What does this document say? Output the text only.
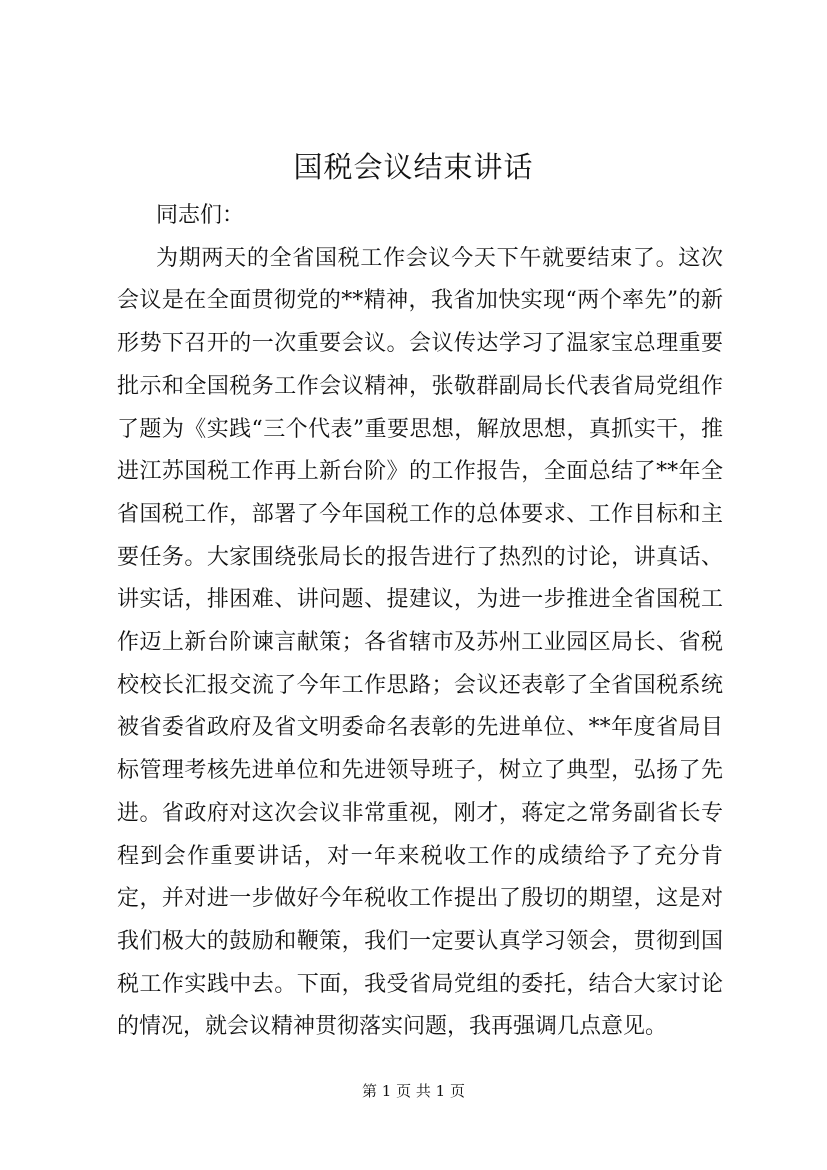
国税会议结束讲话

同志们：

为期两天的全省国税工作会议今天下午就要结束了。这次会议是在全面贯彻党的**精神，我省加快实现“两个率先”的新形势下召开的一次重要会议。会议传达学习了温家宝总理重要批示和全国税务工作会议精神，张敬群副局长代表省局党组作了题为《实践“三个代表”重要思想，解放思想，真抓实干，推进江苏国税工作再上新台阶》的工作报告，全面总结了**年全省国税工作，部署了今年国税工作的总体要求、工作目标和主要任务。大家围绕张局长的报告进行了热烈的讨论，讲真话、讲实话，排困难、讲问题、提建议，为进一步推进全省国税工作迈上新台阶谏言献策；各省辖市及苏州工业园区局长、省税校校长汇报交流了今年工作思路；会议还表彰了全省国税系统被省委省政府及省文明委命名表彰的先进单位、**年度省局目标管理考核先进单位和先进领导班子，树立了典型，弘扬了先进。省政府对这次会议非常重视，刚才，蒋定之常务副省长专程到会作重要讲话，对一年来税收工作的成绩给予了充分肯定，并对进一步做好今年税收工作提出了殷切的期望，这是对我们极大的鼓励和鞭策，我们一定要认真学习领会，贯彻到国税工作实践中去。下面，我受省局党组的委托，结合大家讨论的情况，就会议精神贯彻落实问题，我再强调几点意见。

第 1 页 共 1 页
